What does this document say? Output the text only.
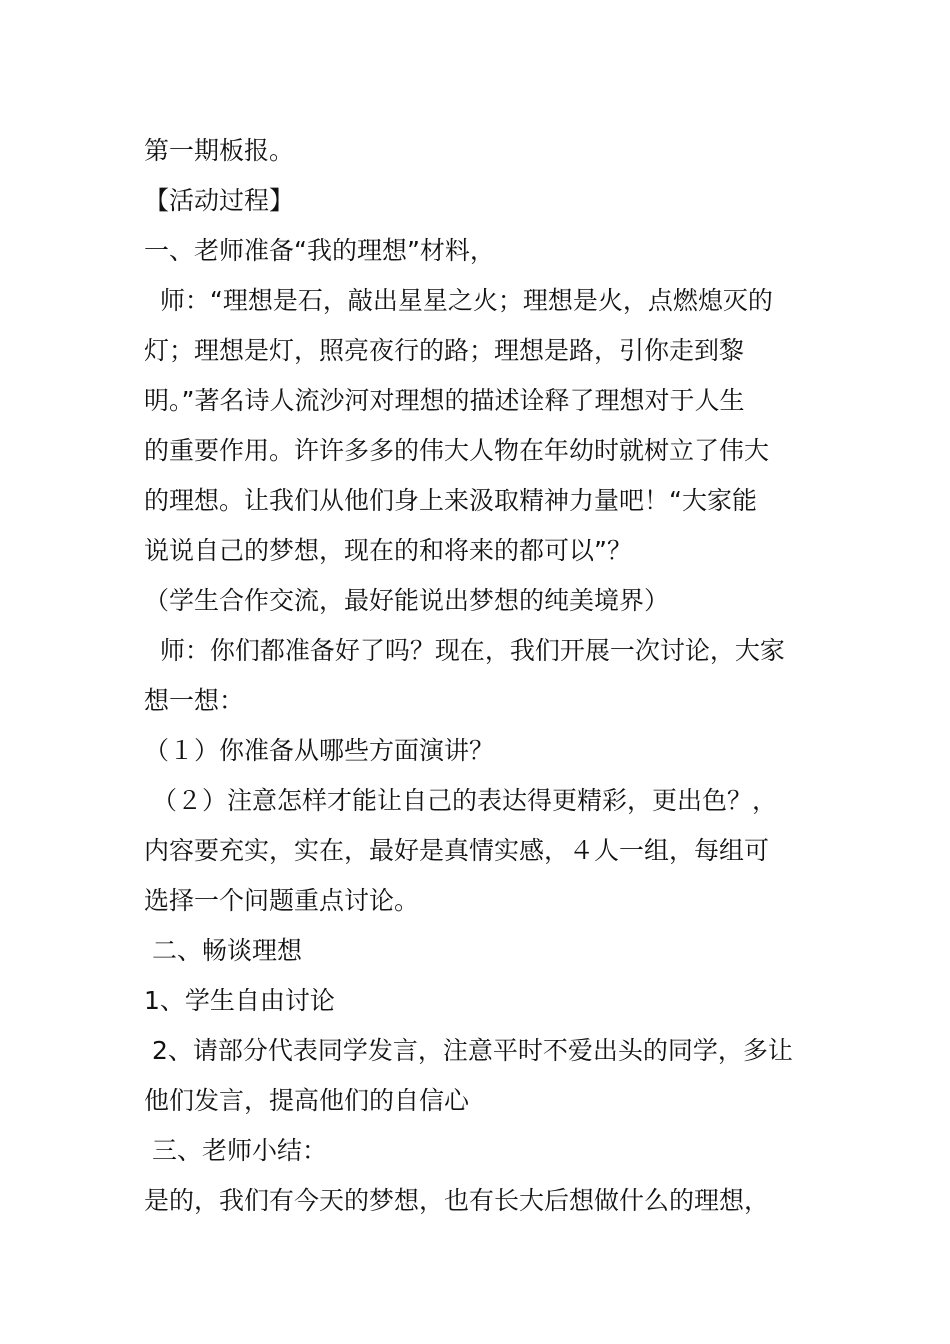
第一期板报。
【活动过程】
一、老师准备“我的理想”材料，
师：“理想是石，敲出星星之火；理想是火，点燃熄灭的
灯；理想是灯，照亮夜行的路；理想是路，引你走到黎
明。”著名诗人流沙河对理想的描述诠释了理想对于人生
的重要作用。许许多多的伟大人物在年幼时就树立了伟大
的理想。让我们从他们身上来汲取精神力量吧！“大家能
说说自己的梦想，现在的和将来的都可以”？
（学生合作交流，最好能说出梦想的纯美境界）
师：你们都准备好了吗？现在，我们开展一次讨论，大家
想一想：
（１）你准备从哪些方面演讲？
（２）注意怎样才能让自己的表达得更精彩，更出色？，
内容要充实，实在，最好是真情实感，４人一组，每组可
选择一个问题重点讨论。
二、畅谈理想
1、学生自由讨论
2、请部分代表同学发言，注意平时不爱出头的同学，多让
他们发言，提高他们的自信心
三、老师小结：
是的，我们有今天的梦想，也有长大后想做什么的理想，
